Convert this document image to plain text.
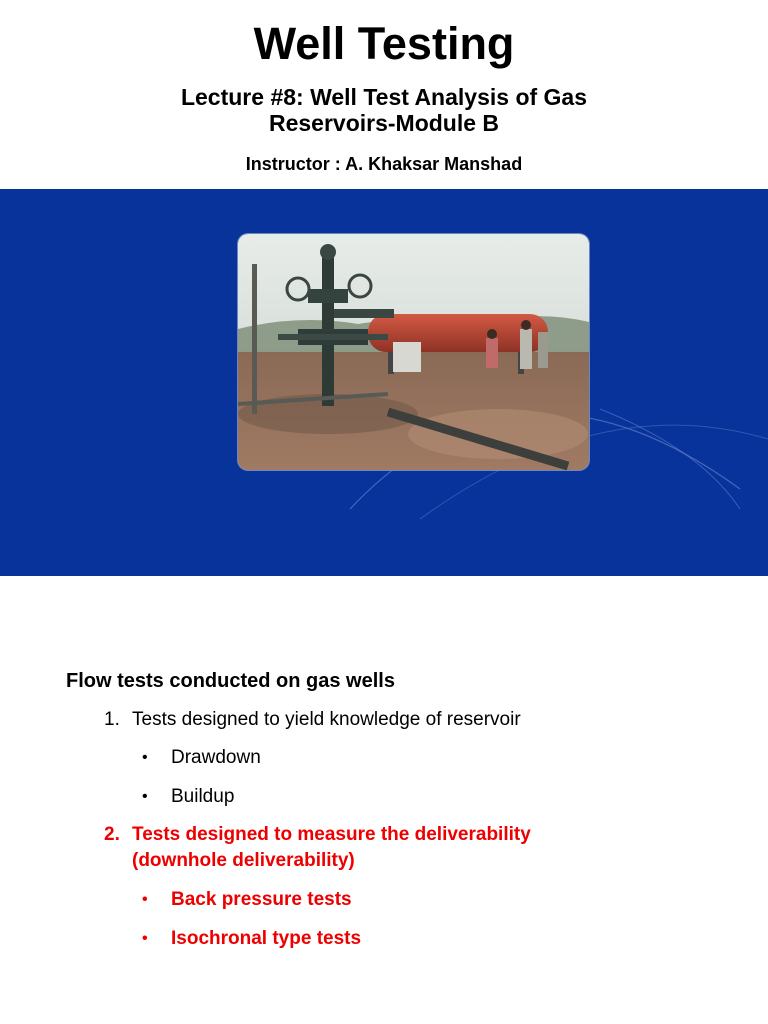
Well Testing
Lecture #8: Well Test Analysis of Gas
Reservoirs-Module B
Instructor : A. Khaksar Manshad
Flow tests conducted on gas wells
1. Tests designed to yield knowledge of reservoir
• Drawdown
• Buildup
2. Tests designed to measure the deliverability
(downhole deliverability)
• Back pressure tests
• Isochronal type tests
